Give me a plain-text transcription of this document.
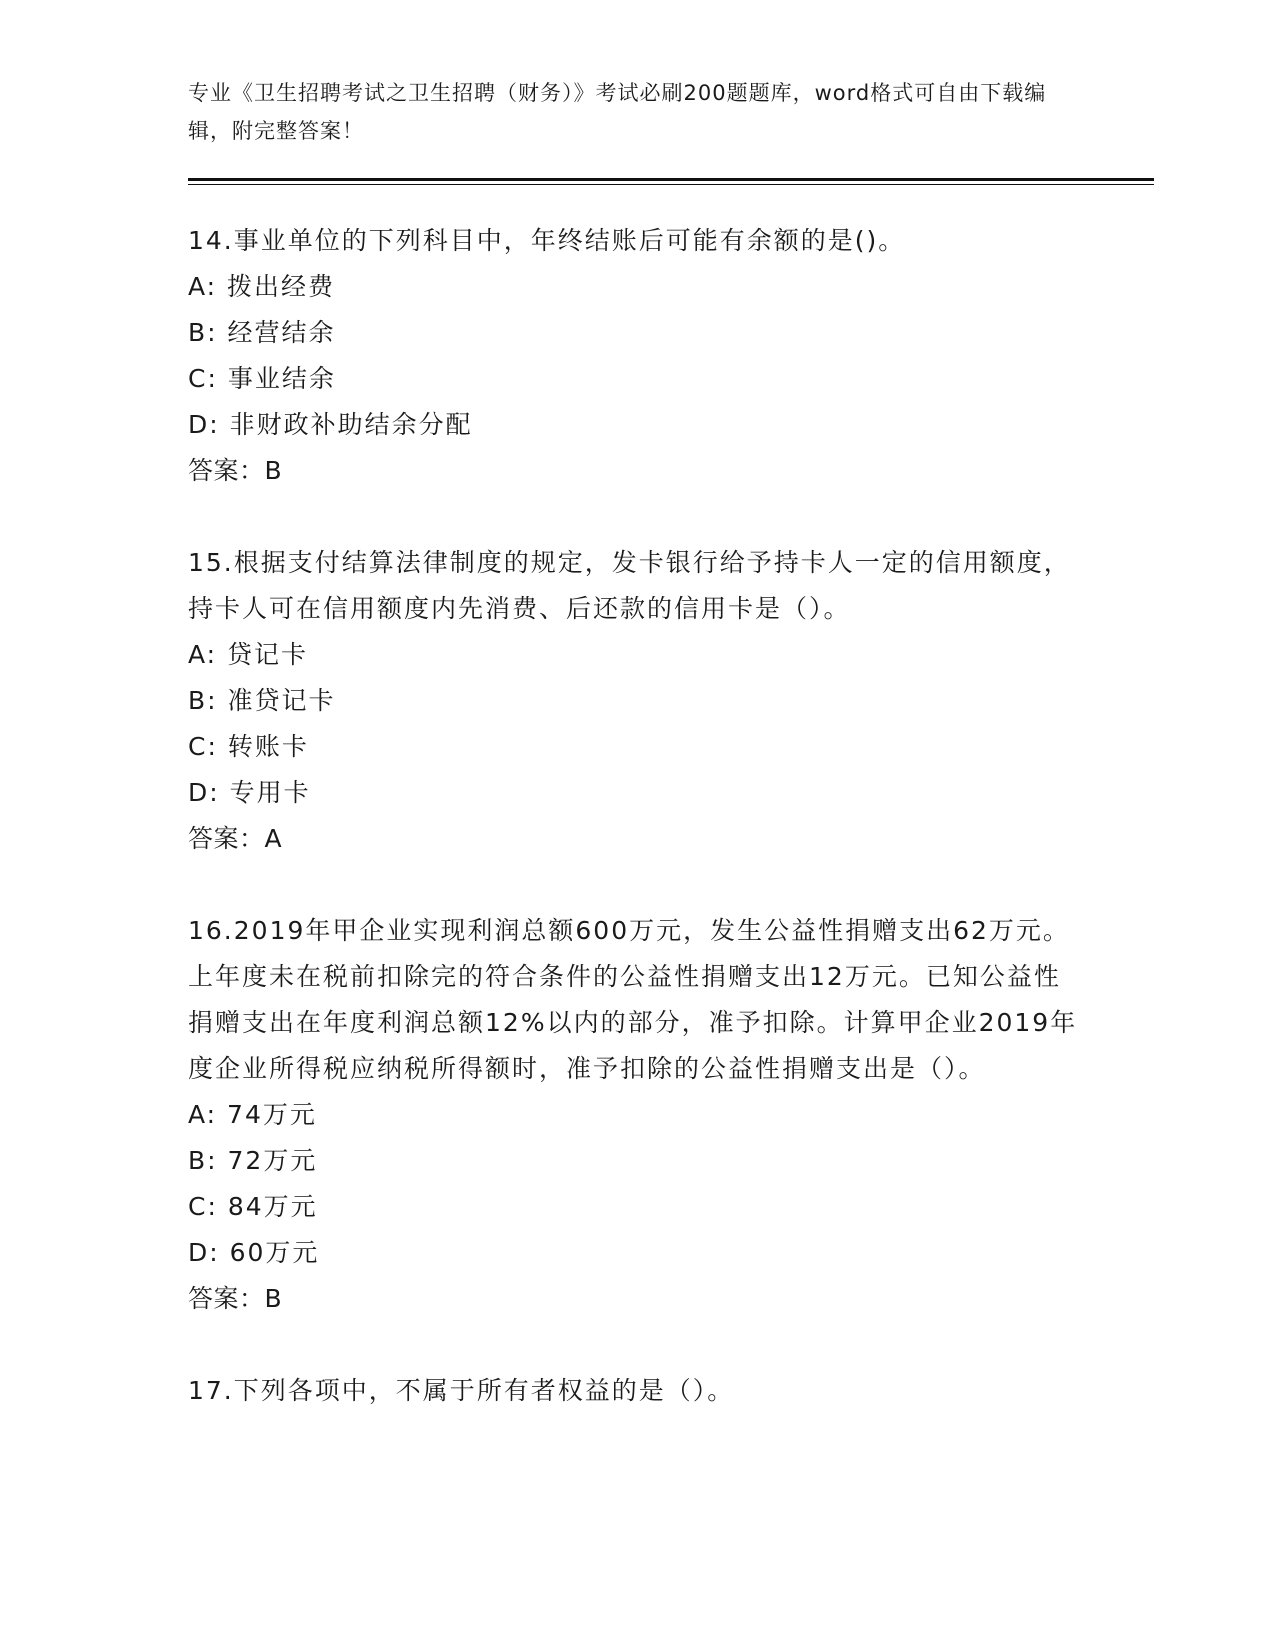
专业《卫生招聘考试之卫生招聘（财务）》考试必刷200题题库，word格式可自由下载编辑，附完整答案！
14.事业单位的下列科目中，年终结账后可能有余额的是()。
A: 拨出经费
B: 经营结余
C: 事业结余
D: 非财政补助结余分配
答案：B
15.根据支付结算法律制度的规定，发卡银行给予持卡人一定的信用额度，持卡人可在信用额度内先消费、后还款的信用卡是（）。
A: 贷记卡
B: 准贷记卡
C: 转账卡
D: 专用卡
答案：A
16.2019年甲企业实现利润总额600万元，发生公益性捐赠支出62万元。上年度未在税前扣除完的符合条件的公益性捐赠支出12万元。已知公益性捐赠支出在年度利润总额12%以内的部分，准予扣除。计算甲企业2019年度企业所得税应纳税所得额时，准予扣除的公益性捐赠支出是（）。
A: 74万元
B: 72万元
C: 84万元
D: 60万元
答案：B
17.下列各项中，不属于所有者权益的是（）。
